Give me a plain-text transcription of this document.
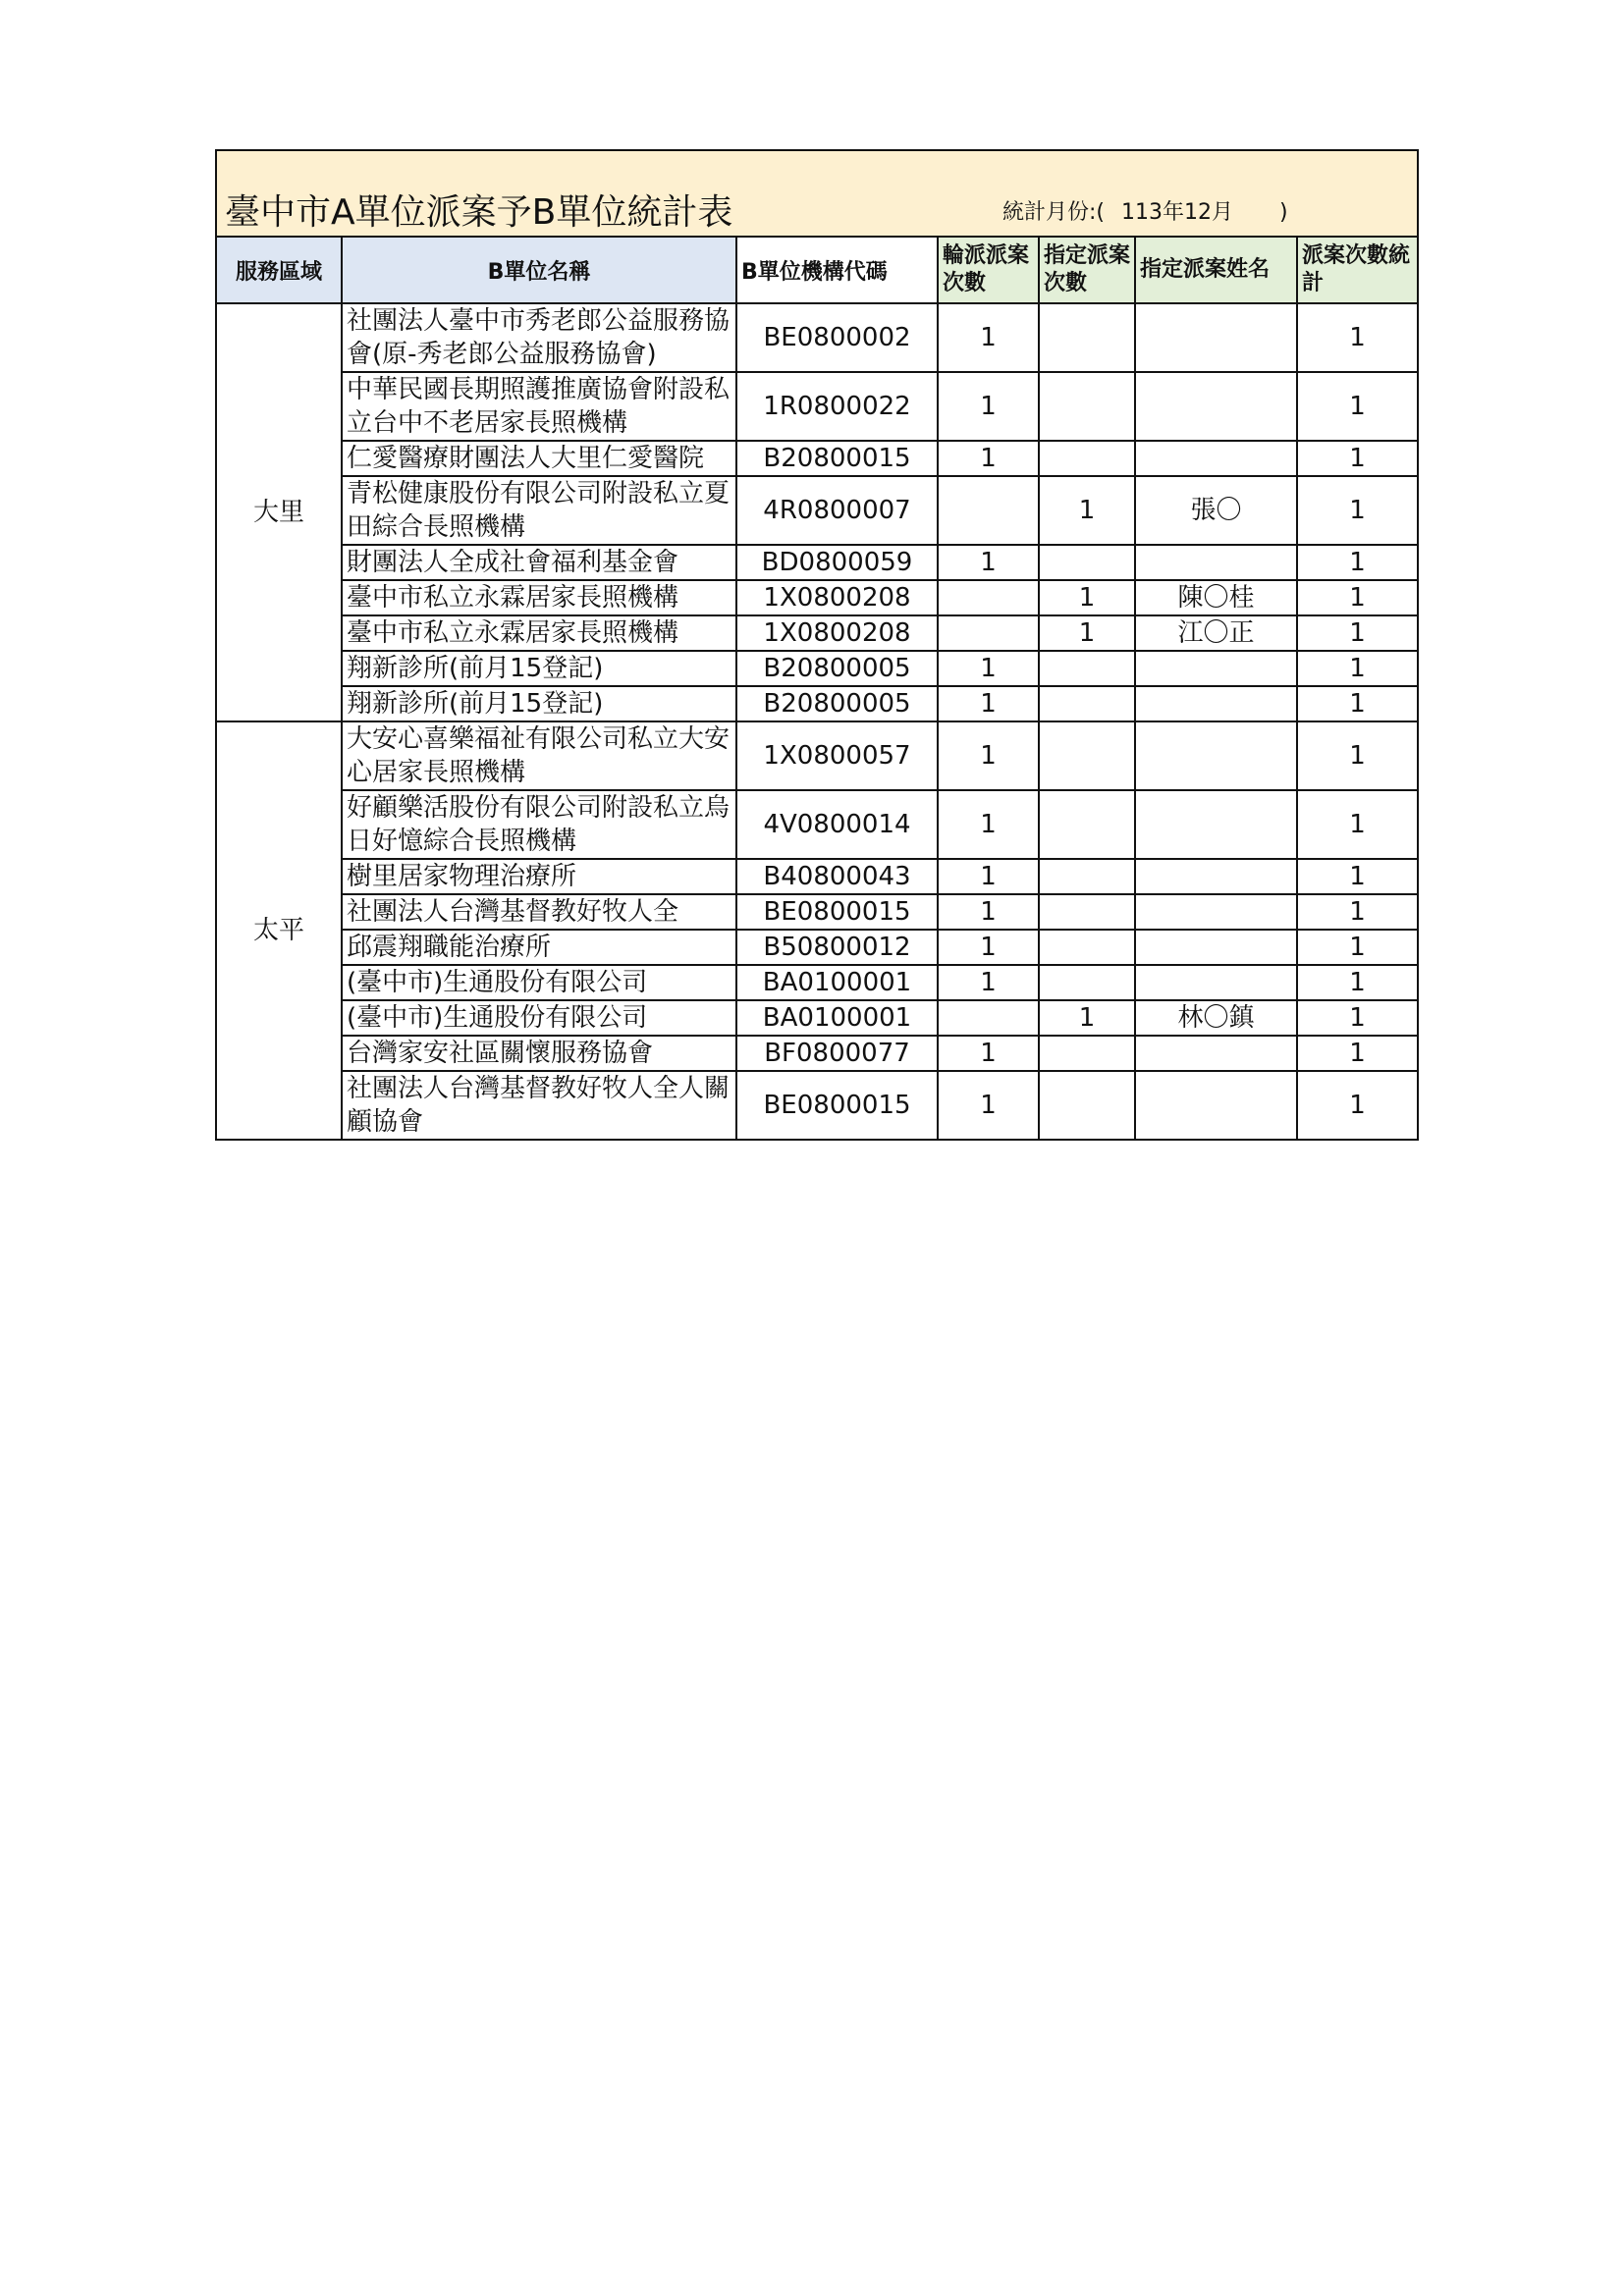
臺中市A單位派案予B單位統計表 統計月份:( 113年12月 )						

服務區域	B單位名稱	B單位機構代碼	輪派派案次數	指定派案次數	指定派案姓名	派案次數統計
大里	社團法人臺中市秀老郎公益服務協會(原-秀老郎公益服務協會)	BE0800002	1			1
	中華民國長期照護推廣協會附設私立台中不老居家長照機構	1R0800022	1			1
	仁愛醫療財團法人大里仁愛醫院	B20800015	1			1
	青松健康股份有限公司附設私立夏田綜合長照機構	4R0800007		1	張〇	1
	財團法人全成社會福利基金會	BD0800059	1			1
	臺中市私立永霖居家長照機構	1X0800208		1	陳〇桂	1
	臺中市私立永霖居家長照機構	1X0800208		1	江〇正	1
	翔新診所(前月15登記)	B20800005	1			1
	翔新診所(前月15登記)	B20800005	1			1
太平	大安心喜樂福祉有限公司私立大安心居家長照機構	1X0800057	1			1
	好顧樂活股份有限公司附設私立烏日好憶綜合長照機構	4V0800014	1			1
	樹里居家物理治療所	B40800043	1			1
	社團法人台灣基督教好牧人全	BE0800015	1			1
	邱震翔職能治療所	B50800012	1			1
	(臺中市)生通股份有限公司	BA0100001	1			1
	(臺中市)生通股份有限公司	BA0100001		1	林〇鎮	1
	台灣家安社區關懷服務協會	BF0800077	1			1
	社團法人台灣基督教好牧人全人關顧協會	BE0800015	1			1
